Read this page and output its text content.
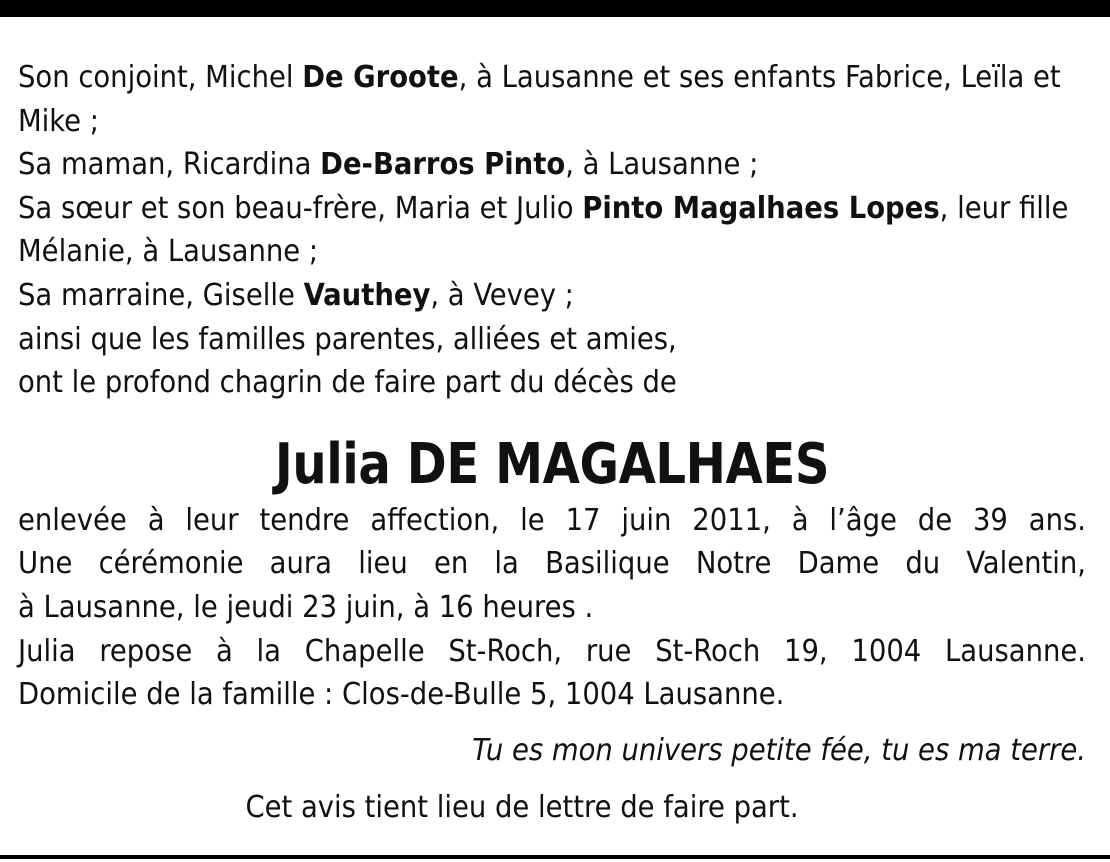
Son conjoint, Michel De Groote, à Lausanne et ses enfants Fabrice, Leïla et Mike ;

Sa maman, Ricardina De-Barros Pinto, à Lausanne ;

Sa sœur et son beau-frère, Maria et Julio Pinto Magalhaes Lopes, leur fille Mélanie, à Lausanne ;

Sa marraine, Giselle Vauthey, à Vevey ;

ainsi que les familles parentes, alliées et amies,

ont le profond chagrin de faire part du décès de

Julia DE MAGALHAES

enlevée à leur tendre affection, le 17 juin 2011, à l’âge de 39 ans.

Une cérémonie aura lieu en la Basilique Notre Dame du Valentin,

à Lausanne, le jeudi 23 juin, à 16 heures .

Julia repose à la Chapelle St-Roch, rue St-Roch 19, 1004 Lausanne.

Domicile de la famille : Clos-de-Bulle 5, 1004 Lausanne.

Tu es mon univers petite fée, tu es ma terre.

Cet avis tient lieu de lettre de faire part.
